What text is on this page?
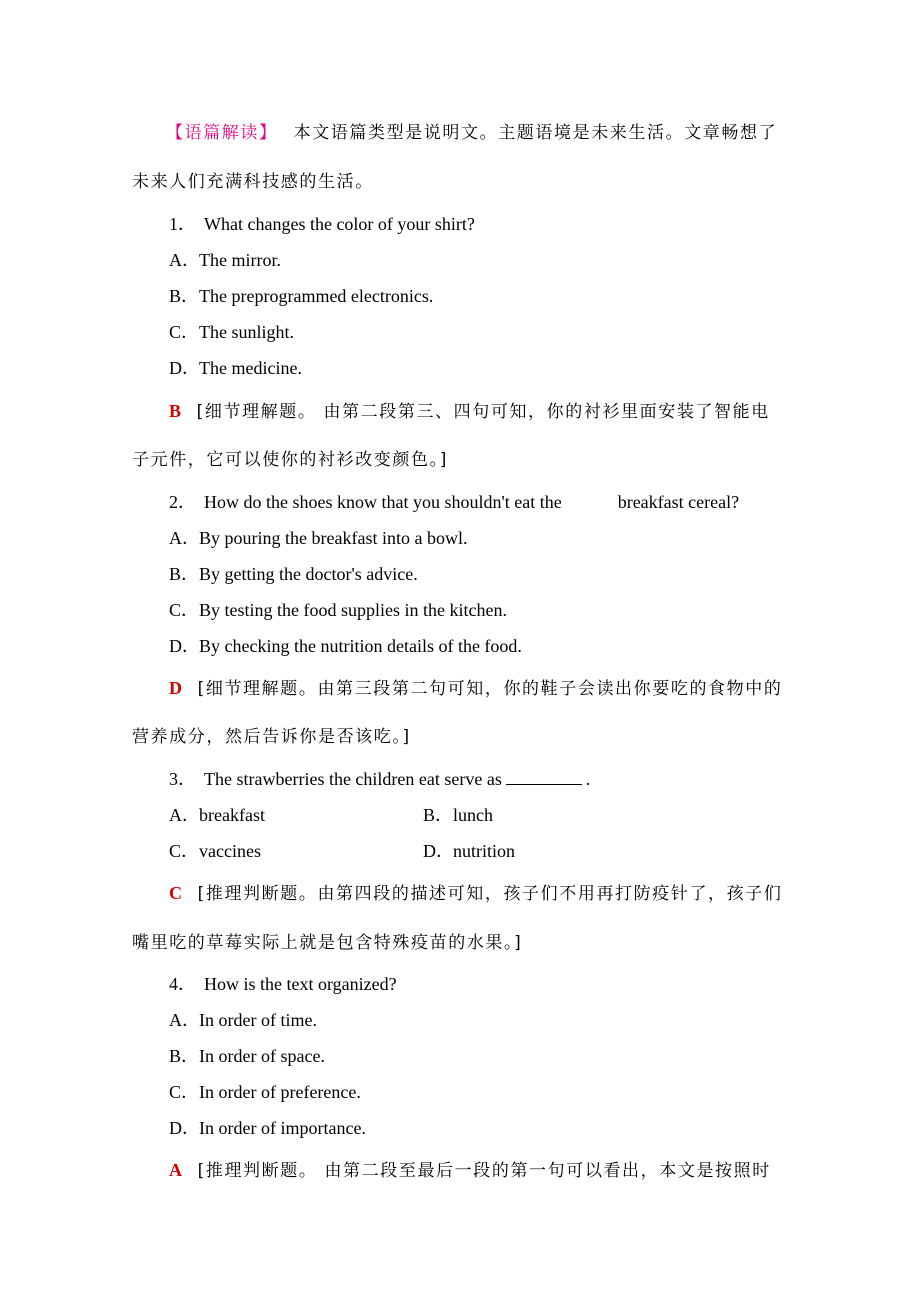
【语篇解读】 本文语篇类型是说明文。主题语境是未来生活。文章畅想了
未来人们充满科技感的生活。
1． What changes the color of your shirt?
A．The mirror.
B．The preprogrammed electronics.
C．The sunlight.
D．The medicine.
B [细节理解题。 由第二段第三、四句可知，你的衬衫里面安装了智能电
子元件，它可以使你的衬衫改变颜色。]
2． How do the shoes know that you shouldn't eat the	breakfast cereal?
A．By pouring the breakfast into a bowl.
B．By getting the doctor's advice.
C．By testing the food supplies in the kitchen.
D．By checking the nutrition details of the food.
D [细节理解题。由第三段第二句可知，你的鞋子会读出你要吃的食物中的
营养成分，然后告诉你是否该吃。]
3． The strawberries the children eat serve as	.
A．breakfast	B．lunch
C．vaccines	D．nutrition
C [推理判断题。由第四段的描述可知，孩子们不用再打防疫针了，孩子们
嘴里吃的草莓实际上就是包含特殊疫苗的水果。]
4． How is the text organized?
A．In order of time.
B．In order of space.
C．In order of preference.
D．In order of importance.
A [推理判断题。 由第二段至最后一段的第一句可以看出，本文是按照时
